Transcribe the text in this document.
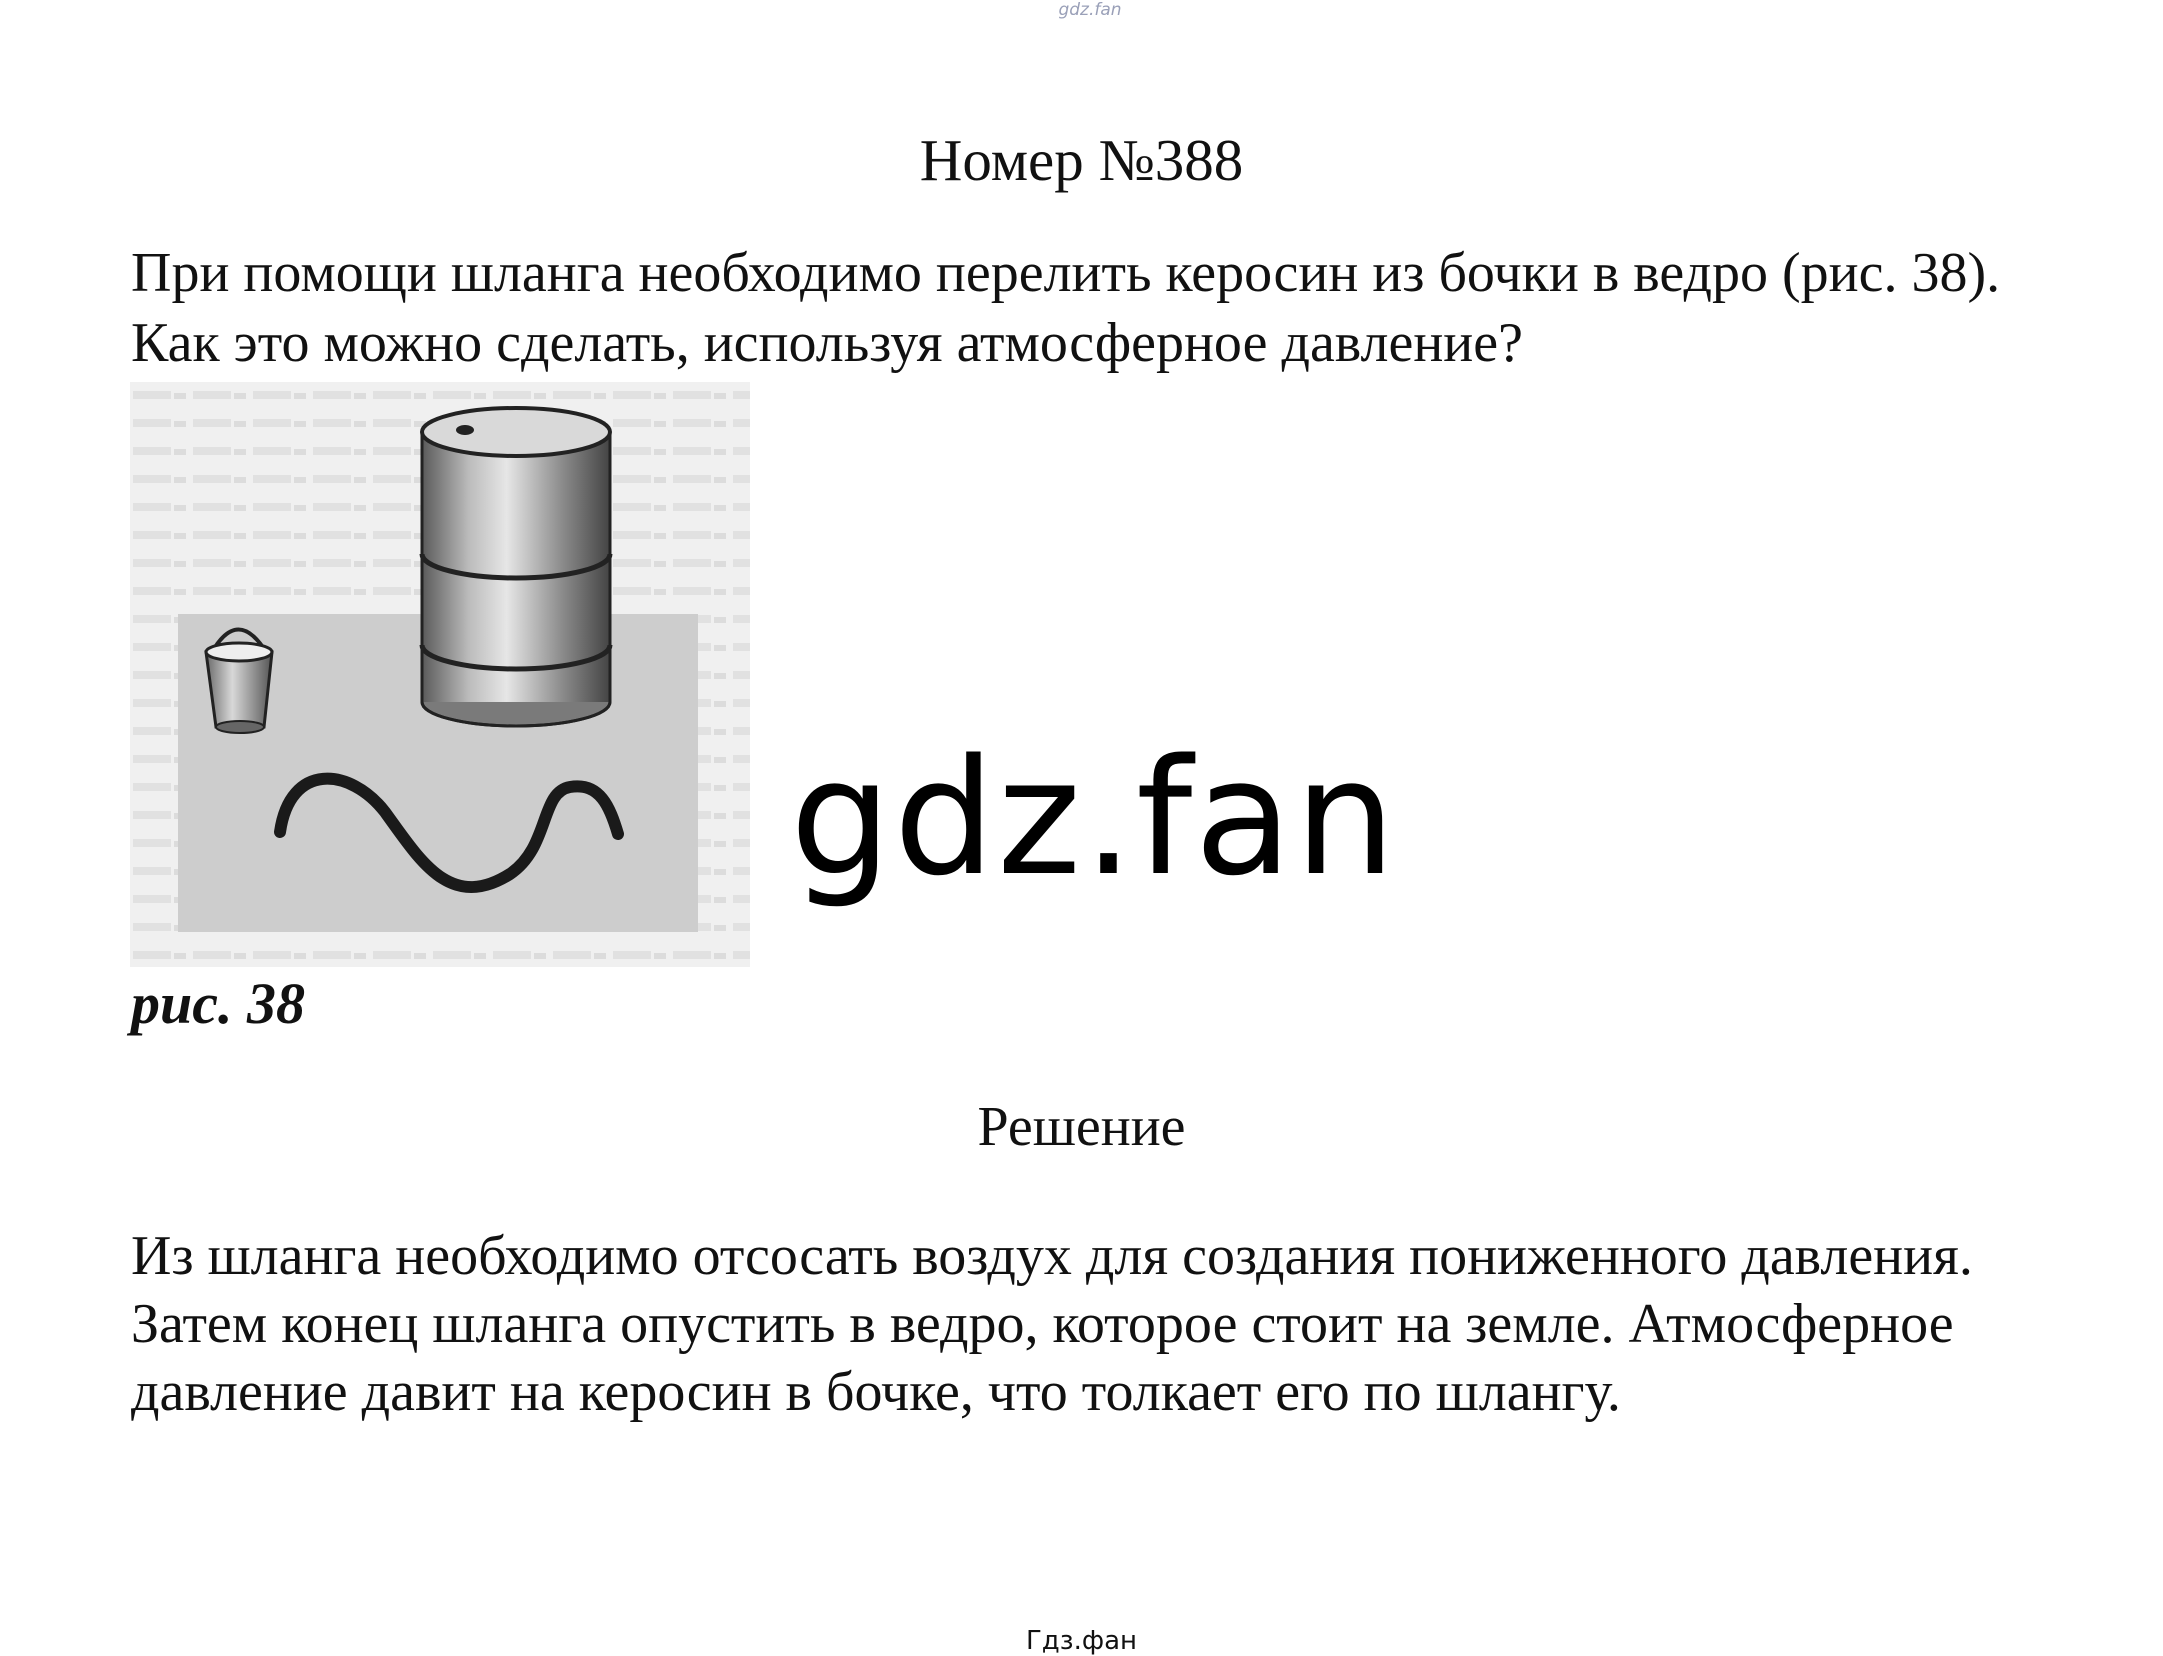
gdz.fan
Номер №388
При помощи шланга необходимо перелить керосин из бочки в ведро (рис. 38). Как это можно сделать, используя атмосферное давление?
рис. 38
gdz.fan
Решение
Из шланга необходимо отсосать воздух для создания пониженного давления. Затем конец шланга опустить в ведро, которое стоит на земле. Атмосферное давление давит на керосин в бочке, что толкает его по шлангу.
Гдз.фан
